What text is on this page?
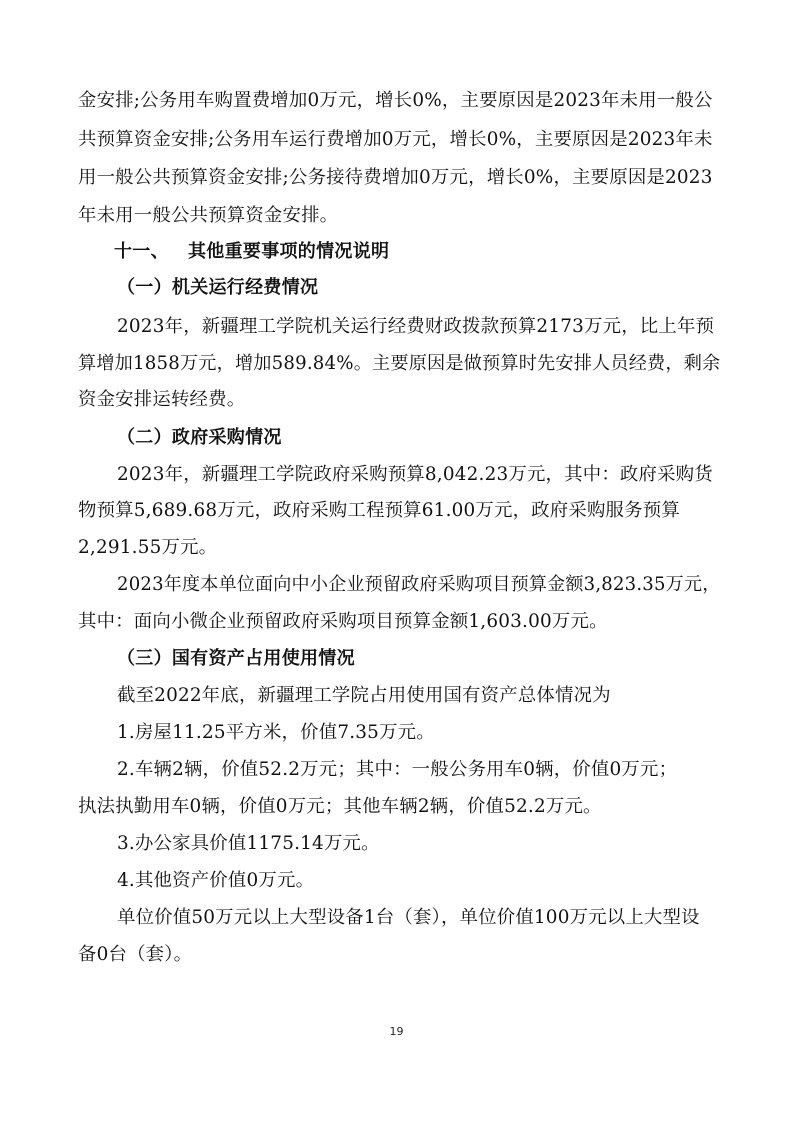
金安排;公务用车购置费增加0万元，增长0%，主要原因是2023年未用一般公
共预算资金安排;公务用车运行费增加0万元，增长0%，主要原因是2023年未
用一般公共预算资金安排;公务接待费增加0万元，增长0%，主要原因是2023
年未用一般公共预算资金安排。
十一、 其他重要事项的情况说明
（一）机关运行经费情况
2023年，新疆理工学院机关运行经费财政拨款预算2173万元，比上年预
算增加1858万元，增加589.84%。主要原因是做预算时先安排人员经费，剩余
资金安排运转经费。
（二）政府采购情况
2023年，新疆理工学院政府采购预算8,042.23万元，其中：政府采购货
物预算5,689.68万元，政府采购工程预算61.00万元，政府采购服务预算
2,291.55万元。
2023年度本单位面向中小企业预留政府采购项目预算金额3,823.35万元，
其中：面向小微企业预留政府采购项目预算金额1,603.00万元。
（三）国有资产占用使用情况
截至2022年底，新疆理工学院占用使用国有资产总体情况为
1.房屋11.25平方米，价值7.35万元。
2.车辆2辆，价值52.2万元；其中：一般公务用车0辆，价值0万元；
执法执勤用车0辆，价值0万元；其他车辆2辆，价值52.2万元。
3.办公家具价值1175.14万元。
4.其他资产价值0万元。
单位价值50万元以上大型设备1台（套），单位价值100万元以上大型设
备0台（套）。
19
